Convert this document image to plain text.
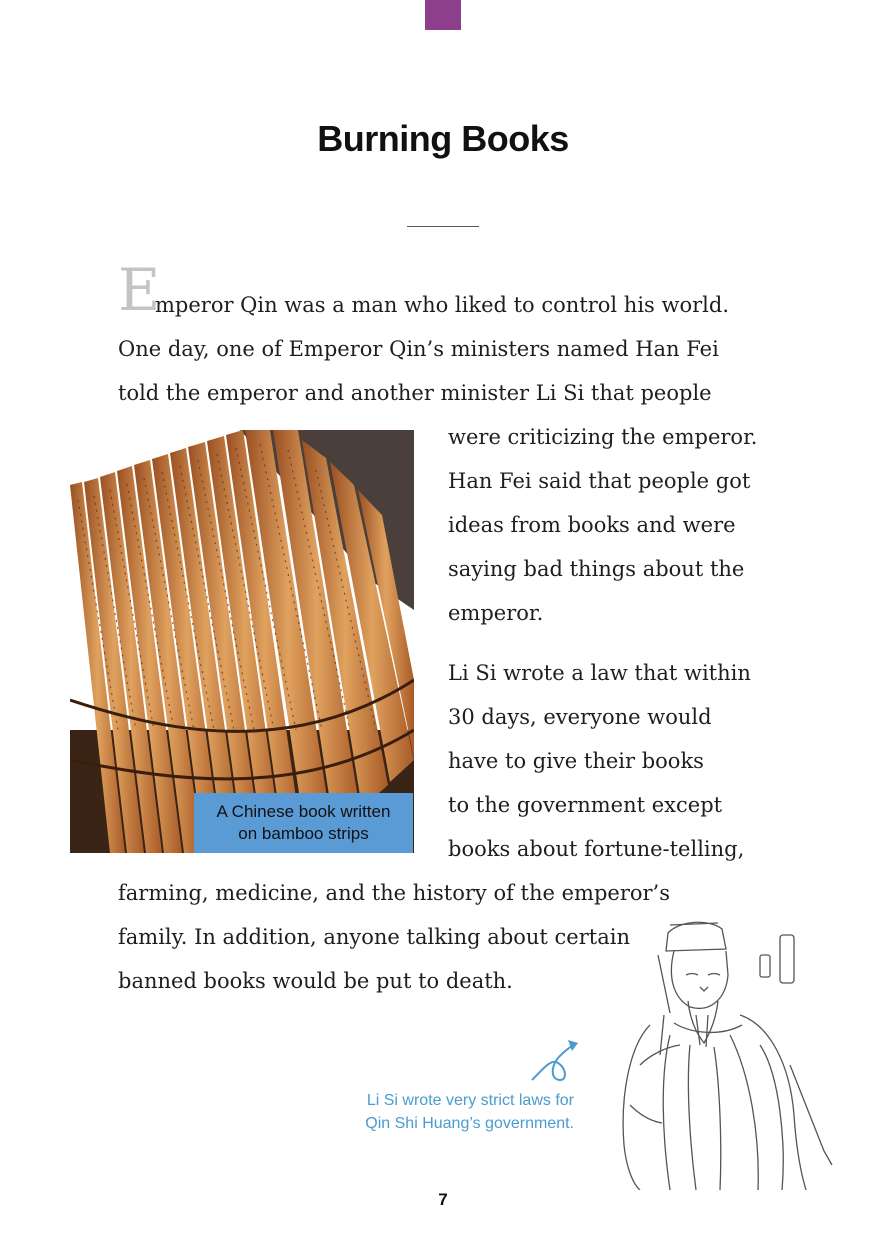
Burning Books
E

mperor Qin was a man who liked to control his world.

One day, one of Emperor Qin’s ministers named Han Fei

told the emperor and another minister Li Si that people

were criticizing the emperor.

Han Fei said that people got

ideas from books and were

saying bad things about the

emperor.

Li Si wrote a law that within

30 days, everyone would

have to give their books

to the government except

books about fortune-telling,

farming, medicine, and the history of the emperor’s

family. In addition, anyone talking about certain

banned books would be put to death.

A Chinese book written
on bamboo strips
Li Si wrote very strict laws for
Qin Shi Huang’s government.
7
